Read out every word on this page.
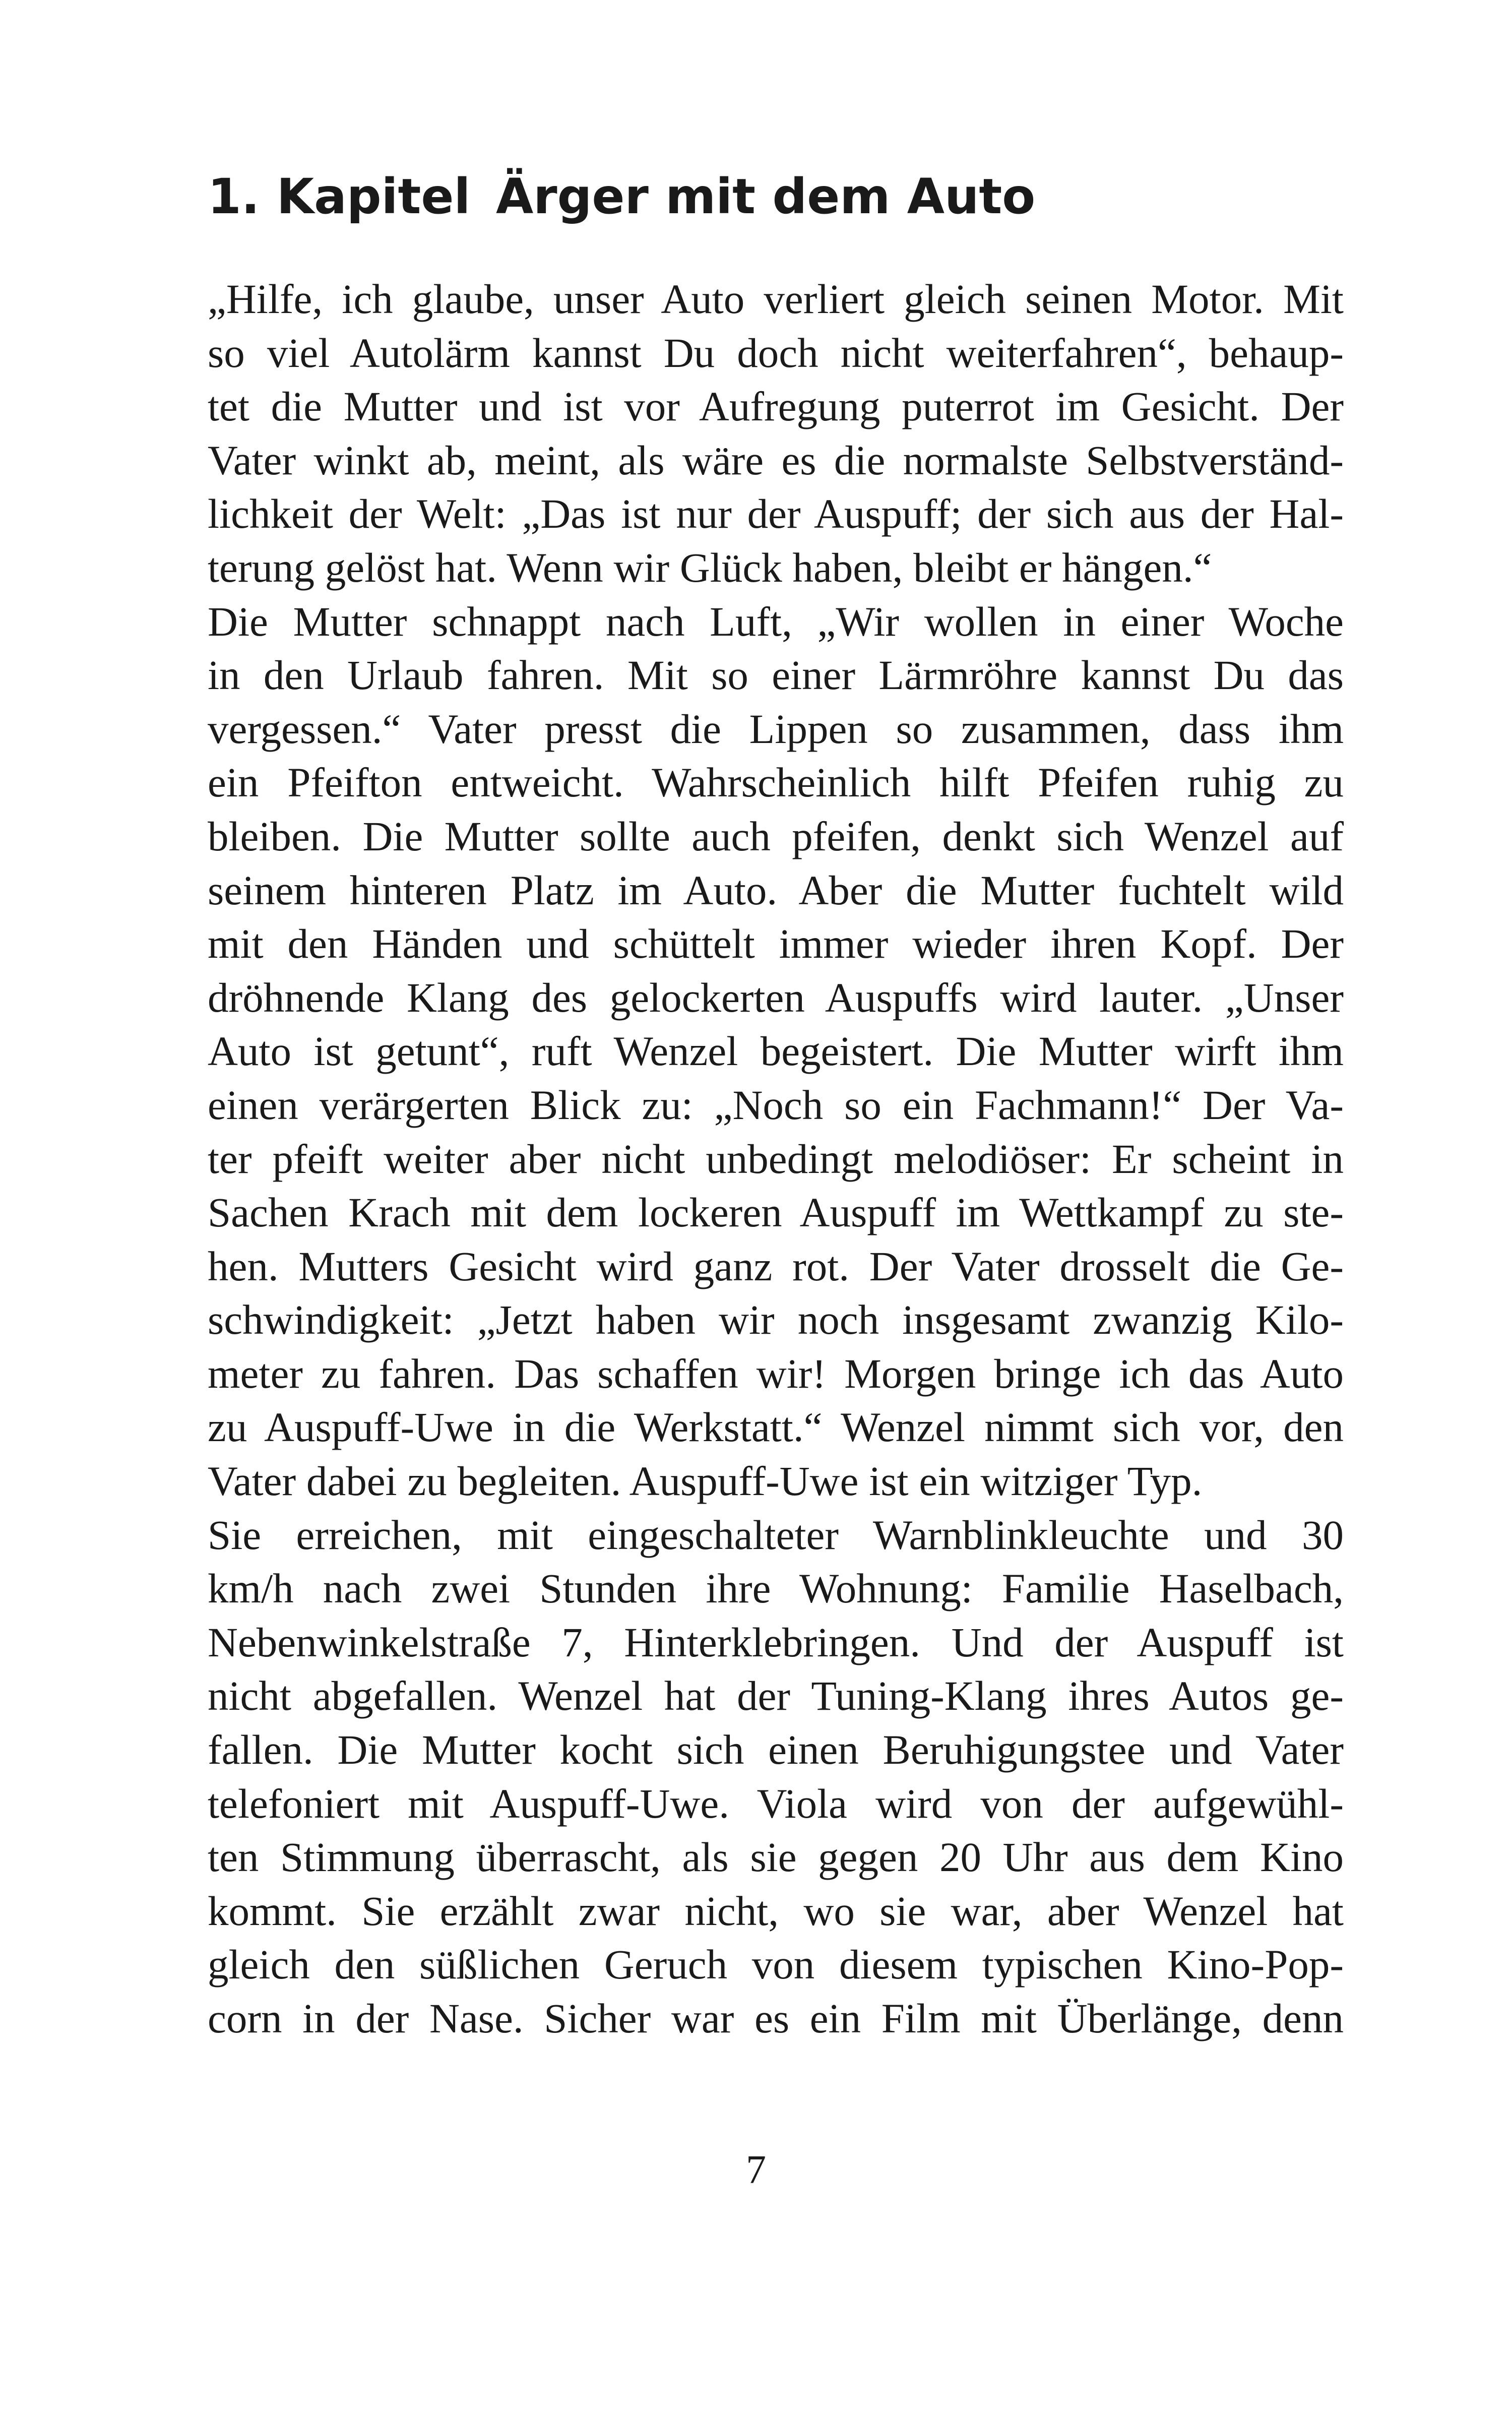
1. Kapitel Ärger mit dem Auto
„Hilfe, ich glaube, unser Auto verliert gleich seinen Motor. Mit
so viel Autolärm kannst Du doch nicht weiterfahren“, behaup-
tet die Mutter und ist vor Aufregung puterrot im Gesicht. Der
Vater winkt ab, meint, als wäre es die normalste Selbstverständ-
lichkeit der Welt: „Das ist nur der Auspuff; der sich aus der Hal-
terung gelöst hat. Wenn wir Glück haben, bleibt er hängen.“
Die Mutter schnappt nach Luft, „Wir wollen in einer Woche
in den Urlaub fahren. Mit so einer Lärmröhre kannst Du das
vergessen.“ Vater presst die Lippen so zusammen, dass ihm
ein Pfeifton entweicht. Wahrscheinlich hilft Pfeifen ruhig zu
bleiben. Die Mutter sollte auch pfeifen, denkt sich Wenzel auf
seinem hinteren Platz im Auto. Aber die Mutter fuchtelt wild
mit den Händen und schüttelt immer wieder ihren Kopf. Der
dröhnende Klang des gelockerten Auspuffs wird lauter. „Unser
Auto ist getunt“, ruft Wenzel begeistert. Die Mutter wirft ihm
einen verärgerten Blick zu: „Noch so ein Fachmann!“ Der Va-
ter pfeift weiter aber nicht unbedingt melodiöser: Er scheint in
Sachen Krach mit dem lockeren Auspuff im Wettkampf zu ste-
hen. Mutters Gesicht wird ganz rot. Der Vater drosselt die Ge-
schwindigkeit: „Jetzt haben wir noch insgesamt zwanzig Kilo-
meter zu fahren. Das schaffen wir! Morgen bringe ich das Auto
zu Auspuff-Uwe in die Werkstatt.“ Wenzel nimmt sich vor, den
Vater dabei zu begleiten. Auspuff-Uwe ist ein witziger Typ.
Sie erreichen, mit eingeschalteter Warnblinkleuchte und 30
km/h nach zwei Stunden ihre Wohnung: Familie Haselbach,
Nebenwinkelstraße 7, Hinterklebringen. Und der Auspuff ist
nicht abgefallen. Wenzel hat der Tuning-Klang ihres Autos ge-
fallen. Die Mutter kocht sich einen Beruhigungstee und Vater
telefoniert mit Auspuff-Uwe. Viola wird von der aufgewühl-
ten Stimmung überrascht, als sie gegen 20 Uhr aus dem Kino
kommt. Sie erzählt zwar nicht, wo sie war, aber Wenzel hat
gleich den süßlichen Geruch von diesem typischen Kino-Pop-
corn in der Nase. Sicher war es ein Film mit Überlänge, denn
7
